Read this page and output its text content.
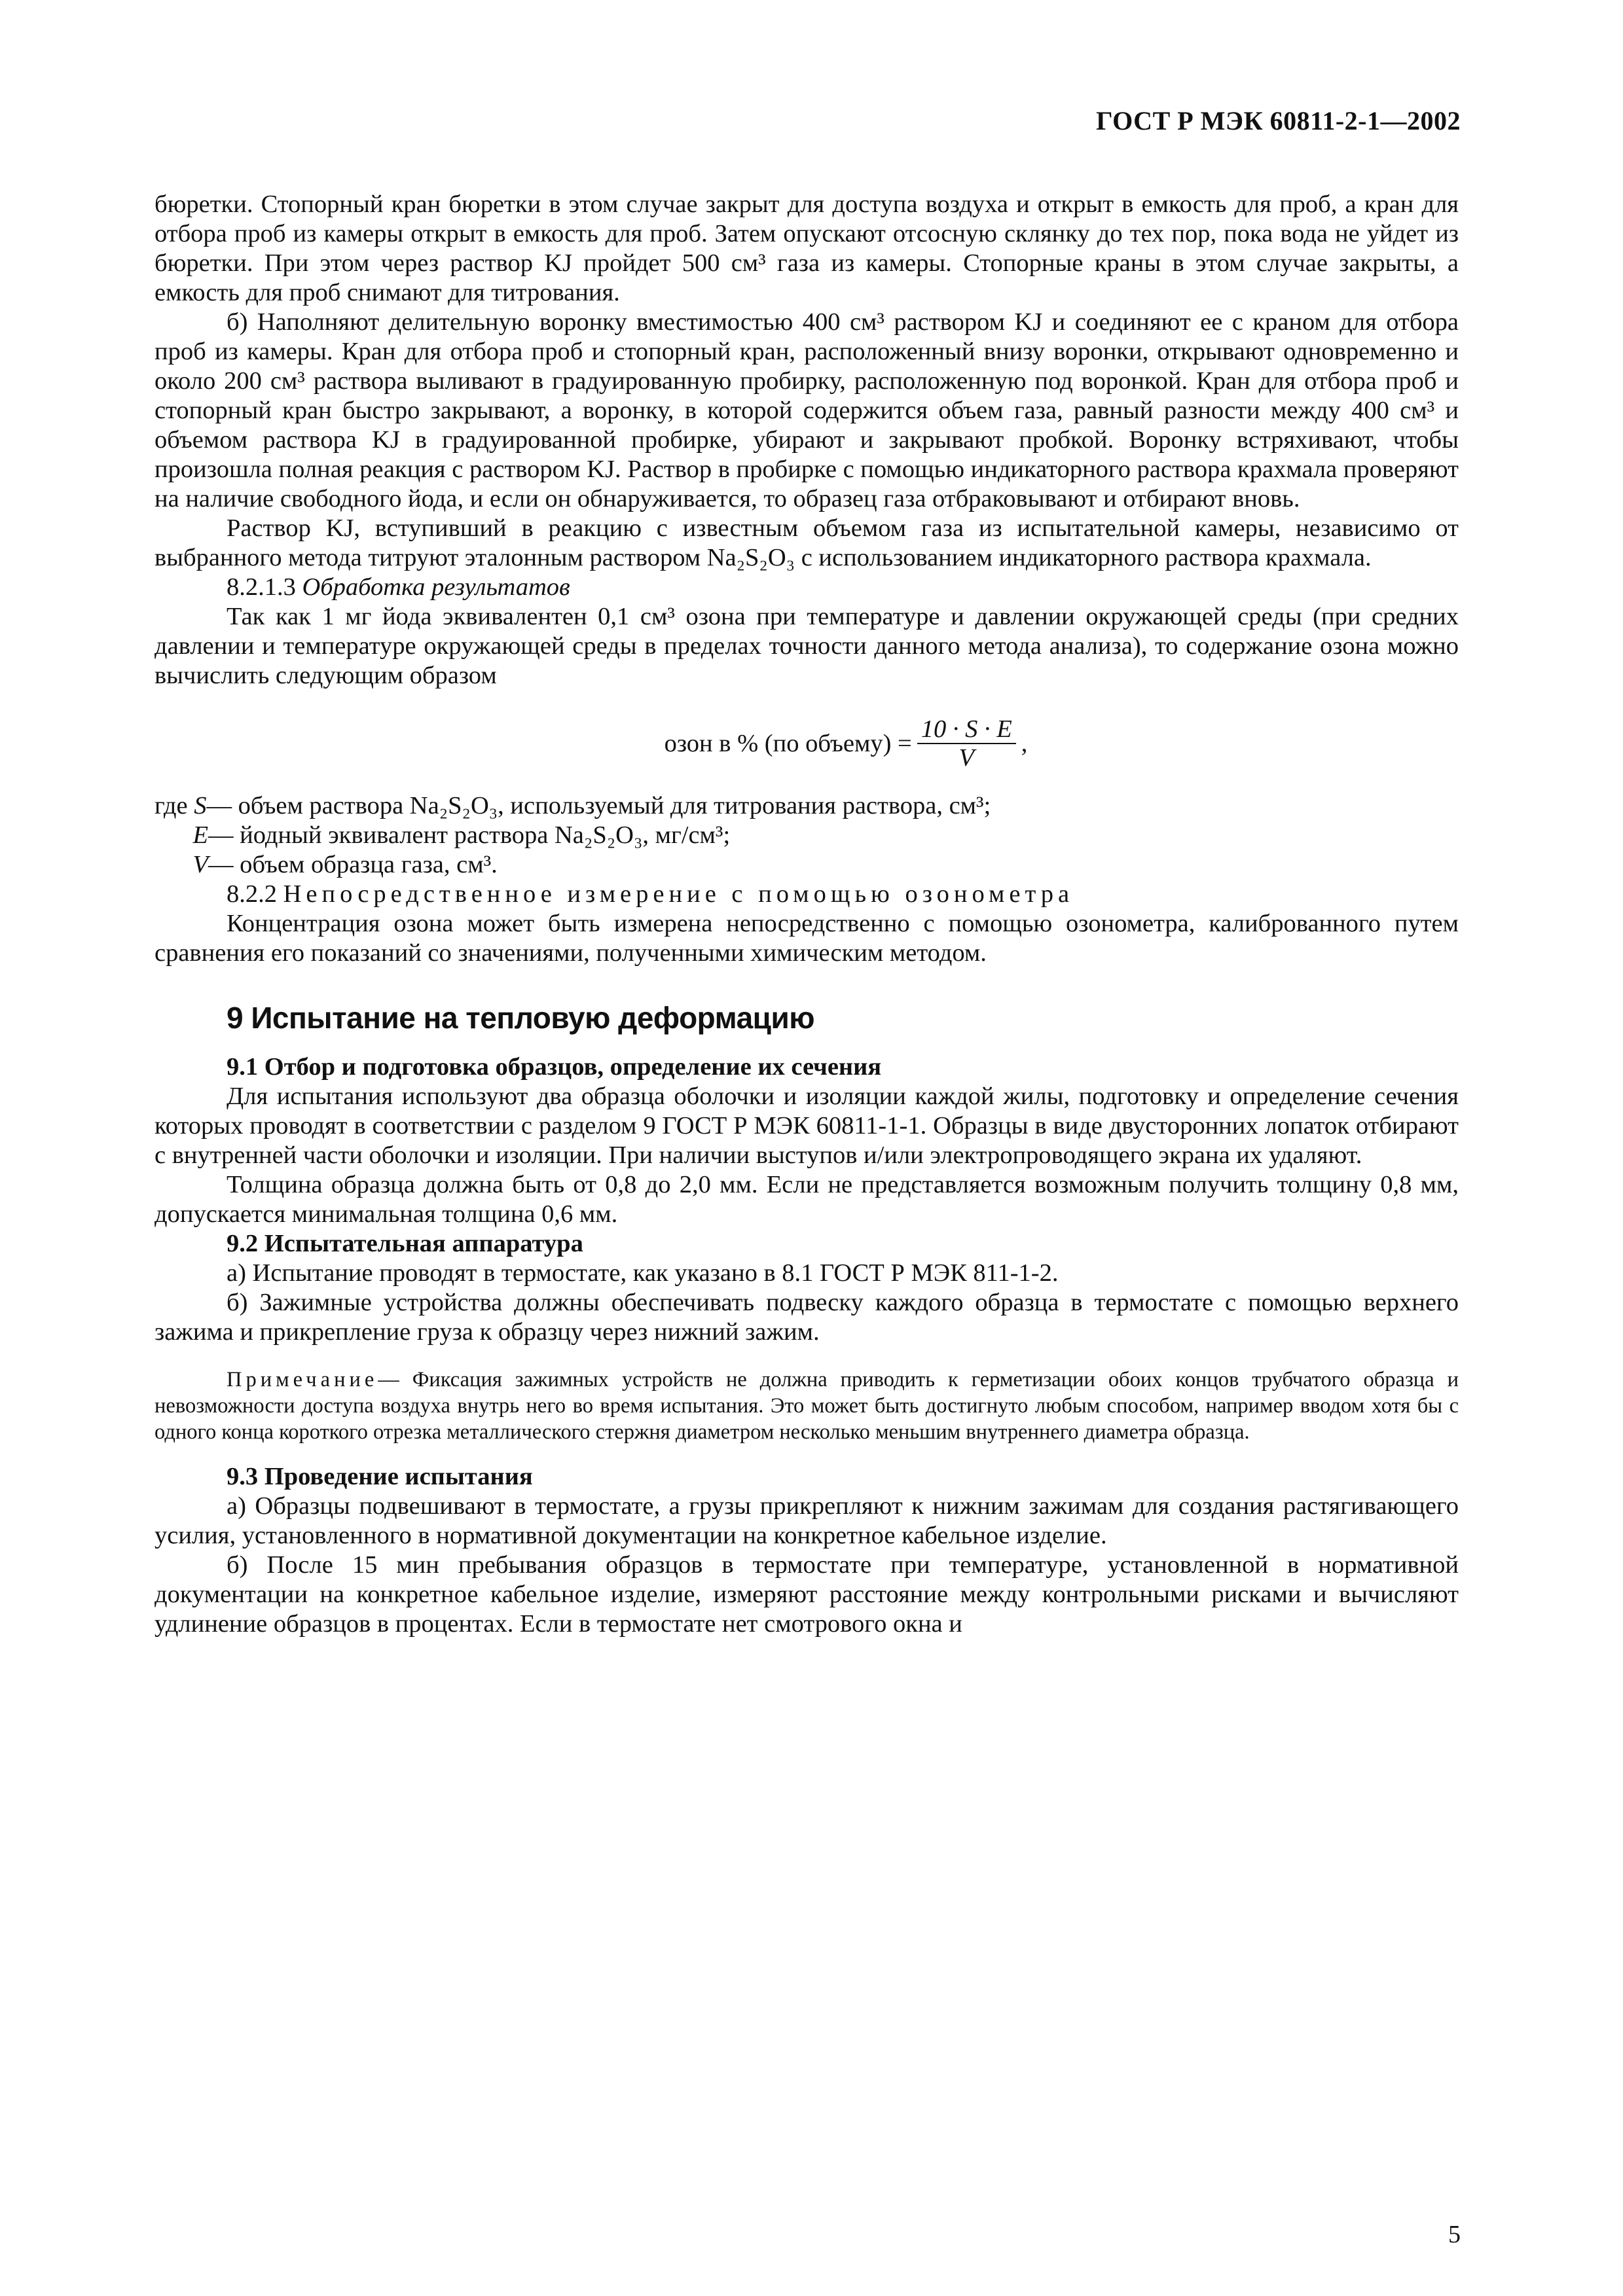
ГОСТ Р МЭК 60811-2-1—2002

бюретки. Стопорный кран бюретки в этом случае закрыт для доступа воздуха и открыт в емкость для проб, а кран для отбора проб из камеры открыт в емкость для проб. Затем опускают отсосную склянку до тех пор, пока вода не уйдет из бюретки. При этом через раствор KJ пройдет 500 см³ газа из камеры. Стопорные краны в этом случае закрыты, а емкость для проб снимают для титрования.

б) Наполняют делительную воронку вместимостью 400 см³ раствором KJ и соединяют ее с краном для отбора проб из камеры. Кран для отбора проб и стопорный кран, расположенный внизу воронки, открывают одновременно и около 200 см³ раствора выливают в градуированную пробирку, расположенную под воронкой. Кран для отбора проб и стопорный кран быстро закрывают, а воронку, в которой содержится объем газа, равный разности между 400 см³ и объемом раствора KJ в градуированной пробирке, убирают и закрывают пробкой. Воронку встряхивают, чтобы произошла полная реакция с раствором KJ. Раствор в пробирке с помощью индикаторного раствора крахмала проверяют на наличие свободного йода, и если он обнаруживается, то образец газа отбраковывают и отбирают вновь.

Раствор KJ, вступивший в реакцию с известным объемом газа из испытательной камеры, независимо от выбранного метода титруют эталонным раствором Na₂S₂O₃ с использованием индикаторного раствора крахмала.

8.2.1.3 Обработка результатов

Так как 1 мг йода эквивалентен 0,1 см³ озона при температуре и давлении окружающей среды (при средних давлении и температуре окружающей среды в пределах точности данного метода анализа), то содержание озона можно вычислить следующим образом

озон в % (по объему) = $\frac{10 \cdot S \cdot E}{V}$ ,
где
S — объем раствора Na₂S₂O₃, используемый для титрования раствора, см³;
E — йодный эквивалент раствора Na₂S₂O₃, мг/см³;
V — объем образца газа, см³.

8.2.2 Непосредственное измерение с помощью озонометра

Концентрация озона может быть измерена непосредственно с помощью озонометра, калиброванного путем сравнения его показаний со значениями, полученными химическим методом.

9 Испытание на тепловую деформацию
9.1 Отбор и подготовка образцов, определение их сечения

Для испытания используют два образца оболочки и изоляции каждой жилы, подготовку и определение сечения которых проводят в соответствии с разделом 9 ГОСТ Р МЭК 60811-1-1. Образцы в виде двусторонних лопаток отбирают с внутренней части оболочки и изоляции. При наличии выступов и/или электропроводящего экрана их удаляют.

Толщина образца должна быть от 0,8 до 2,0 мм. Если не представляется возможным получить толщину 0,8 мм, допускается минимальная толщина 0,6 мм.

9.2 Испытательная аппаратура

а) Испытание проводят в термостате, как указано в 8.1 ГОСТ Р МЭК 811-1-2.

б) Зажимные устройства должны обеспечивать подвеску каждого образца в термостате с помощью верхнего зажима и прикрепление груза к образцу через нижний зажим.

Примечание— Фиксация зажимных устройств не должна приводить к герметизации обоих концов трубчатого образца и невозможности доступа воздуха внутрь него во время испытания. Это может быть достигнуто любым способом, например вводом хотя бы с одного конца короткого отрезка металлического стержня диаметром несколько меньшим внутреннего диаметра образца.

9.3 Проведение испытания

а) Образцы подвешивают в термостате, а грузы прикрепляют к нижним зажимам для создания растягивающего усилия, установленного в нормативной документации на конкретное кабельное изделие.

б) После 15 мин пребывания образцов в термостате при температуре, установленной в нормативной документации на конкретное кабельное изделие, измеряют расстояние между контрольными рисками и вычисляют удлинение образцов в процентах. Если в термостате нет смотрового окна и

5
